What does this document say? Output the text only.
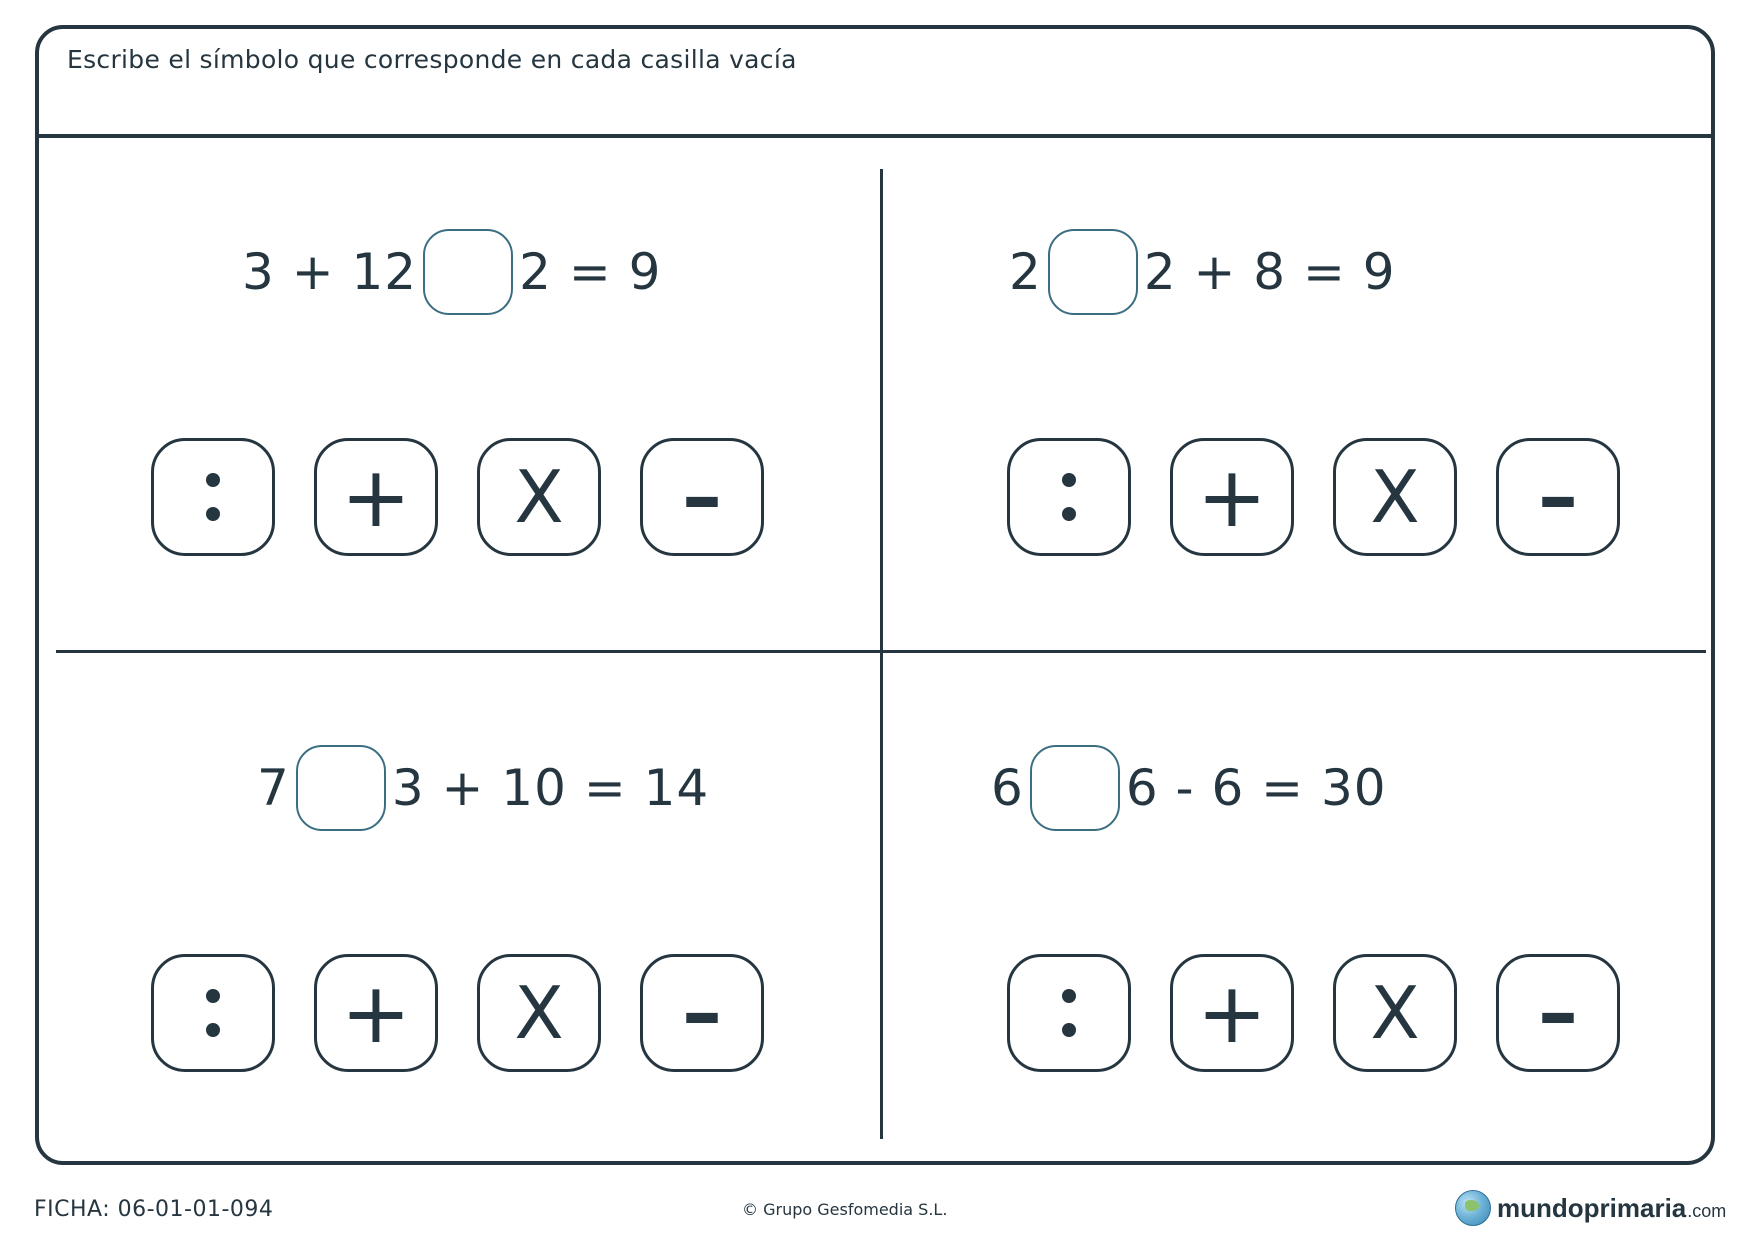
Escribe el símbolo que corresponde en cada casilla vacía
3 + 12 2 = 9
+ X –
2 2 + 8 = 9
+ X –
7 3 + 10 = 14
+ X –
6 6 - 6 = 30
+ X –
FICHA: 06-01-01-094	© Grupo Gesfomedia S.L.	mundoprimaria .com
